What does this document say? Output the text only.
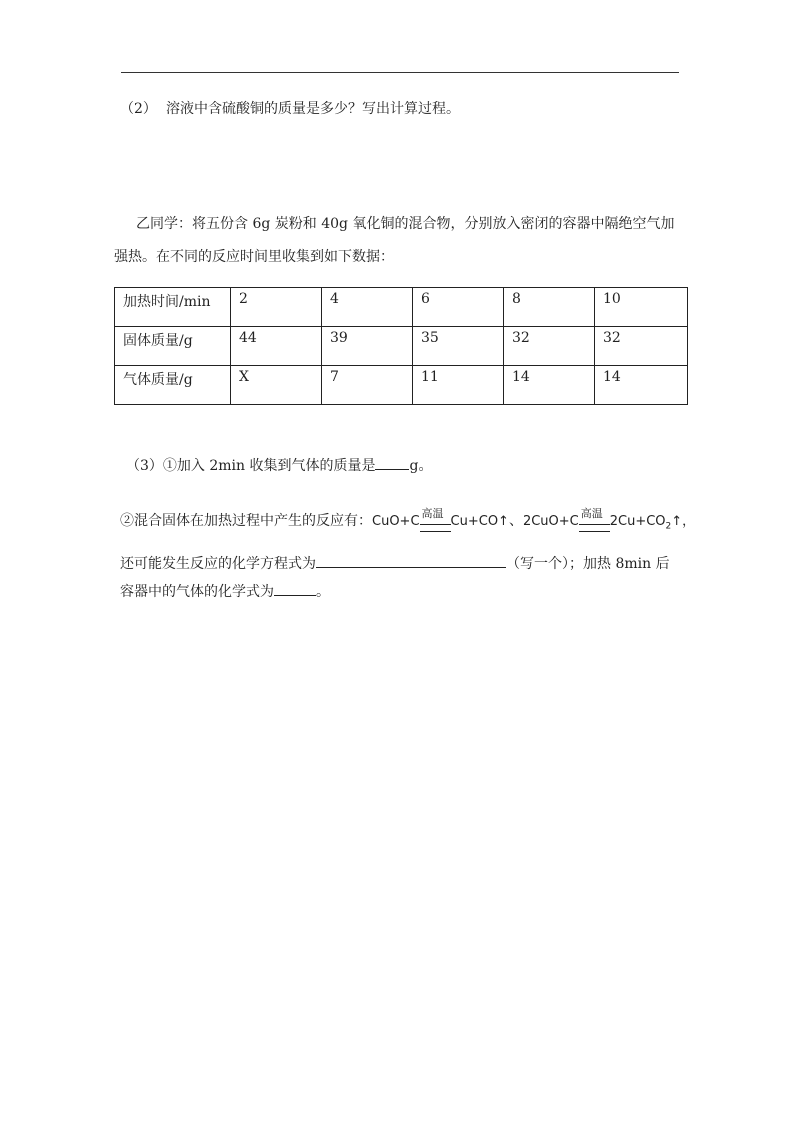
（2） 溶液中含硫酸铜的质量是多少？写出计算过程。
乙同学：将五份含 6g 炭粉和 40g 氧化铜的混合物，分别放入密闭的容器中隔绝空气加
强热。在不同的反应时间里收集到如下数据：
加热时间/min	2	4	6	8	10
固体质量/g	44	39	35	32	32
气体质量/g	X	7	11	14	14
（3）①加入 2min 收集到气体的质量是 g。
②混合固体在加热过程中产生的反应有：CuO+C
高温
Cu+CO↑、2CuO+C
高温
$2Cu+CO_2↑$，
还可能发生反应的化学方程式为	（写一个）；加热 8min 后
容器中的气体的化学式为	。
